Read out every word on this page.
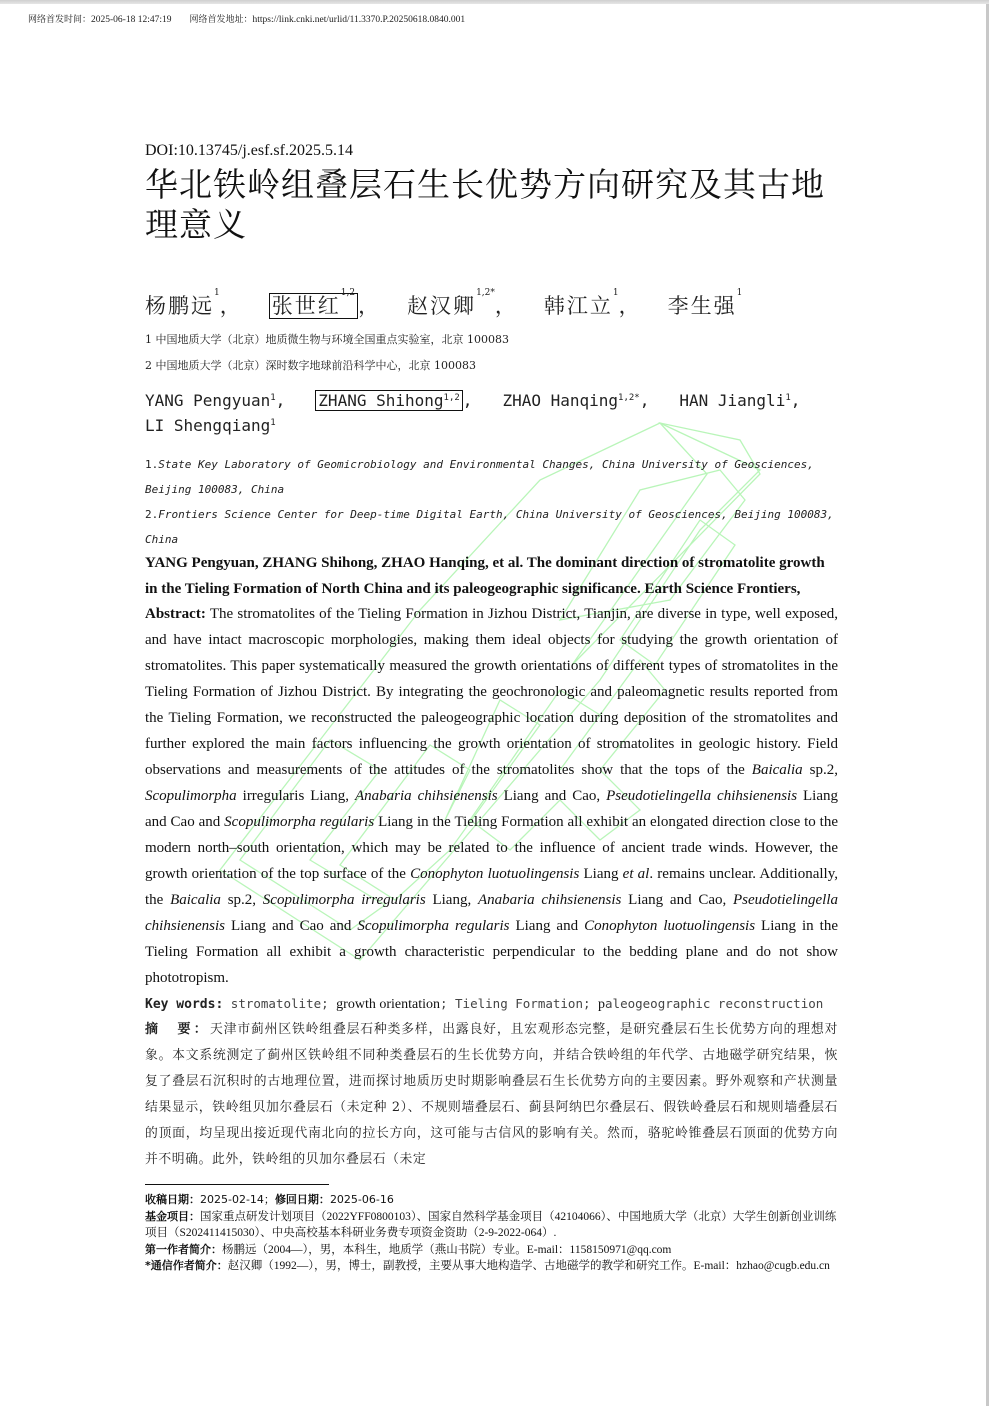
网络首发时间：2025-06-18 12:47:19 网络首发地址：https://link.cnki.net/urlid/11.3370.P.20250618.0840.001
DOI:10.13745/j.esf.sf.2025.5.14
华北铁岭组叠层石生长优势方向研究及其古地理意义
杨鹏远$^1$， 张世红$^{1,2}$， 赵汉卿$^{1,2*}$， 韩江立$^1$， 李生强$^1$
1 中国地质大学（北京）地质微生物与环境全国重点实验室，北京 100083
2 中国地质大学（北京）深时数字地球前沿科学中心，北京 100083
YANG Pengyuan$^1$, ZHANG Shihong$^{1,2}$ , ZHAO Hanqing$^{1,2*}$, HAN Jiangli$^1$,
LI Shengqiang$^1$
1.State Key Laboratory of Geomicrobiology and Environmental Changes, China University of Geosciences, Beijing 100083, China
2.Frontiers Science Center for Deep-time Digital Earth, China University of Geosciences, Beijing 100083, China
YANG Pengyuan, ZHANG Shihong, ZHAO Hanqing, et al. The dominant direction of stromatolite growth in the Tieling Formation of North China and its paleogeographic significance. Earth Science Frontiers,
Abstract: The stromatolites of the Tieling Formation in Jizhou District, Tianjin, are diverse in type, well exposed, and have intact macroscopic morphologies, making them ideal objects for studying the growth orientation of stromatolites. This paper systematically measured the growth orientations of different types of stromatolites in the Tieling Formation of Jizhou District. By integrating the geochronologic and paleomagnetic results reported from the Tieling Formation, we reconstructed the paleogeographic location during deposition of the stromatolites and further explored the main factors influencing the growth orientation of stromatolites in geologic history. Field observations and measurements of the attitudes of the stromatolites show that the tops of the Baicalia sp.2, Scopulimorpha irregularis Liang, Anabaria chihsienensis Liang and Cao, Pseudotielingella chihsienensis Liang and Cao and Scopulimorpha regularis Liang in the Tieling Formation all exhibit an elongated direction close to the modern north–south orientation, which may be related to the influence of ancient trade winds. However, the growth orientation of the top surface of the Conophyton luotuolingensis Liang et al. remains unclear. Additionally, the Baicalia sp.2, Scopulimorpha irregularis Liang, Anabaria chihsienensis Liang and Cao, Pseudotielingella chihsienensis Liang and Cao and Scopulimorpha regularis Liang and Conophyton luotuolingensis Liang in the Tieling Formation all exhibit a growth characteristic perpendicular to the bedding plane and do not show phototropism.
Key words: stromatolite; growth orientation; Tieling Formation; paleogeographic reconstruction
摘　要：天津市蓟州区铁岭组叠层石种类多样，出露良好，且宏观形态完整，是研究叠层石生长优势方向的理想对象。本文系统测定了蓟州区铁岭组不同种类叠层石的生长优势方向，并结合铁岭组的年代学、古地磁学研究结果，恢复了叠层石沉积时的古地理位置，进而探讨地质历史时期影响叠层石生长优势方向的主要因素。野外观察和产状测量结果显示，铁岭组贝加尔叠层石（未定种 2）、不规则墙叠层石、蓟县阿纳巴尔叠层石、假铁岭叠层石和规则墙叠层石的顶面，均呈现出接近现代南北向的拉长方向，这可能与古信风的影响有关。然而，骆驼岭锥叠层石顶面的优势方向并不明确。此外，铁岭组的贝加尔叠层石（未定
收稿日期：2025-02-14；修回日期：2025-06-16
基金项目：国家重点研发计划项目（2022YFF0800103）、国家自然科学基金项目（42104066）、中国地质大学（北京）大学生创新创业训练项目（S202411415030）、中央高校基本科研业务费专项资金资助（2-9-2022-064）.
第一作者简介：杨鹏远（2004—），男，本科生，地质学（燕山书院）专业。E-mail：1158150971@qq.com
*通信作者简介：赵汉卿（1992—），男，博士，副教授，主要从事大地构造学、古地磁学的教学和研究工作。E-mail：hzhao@cugb.edu.cn
